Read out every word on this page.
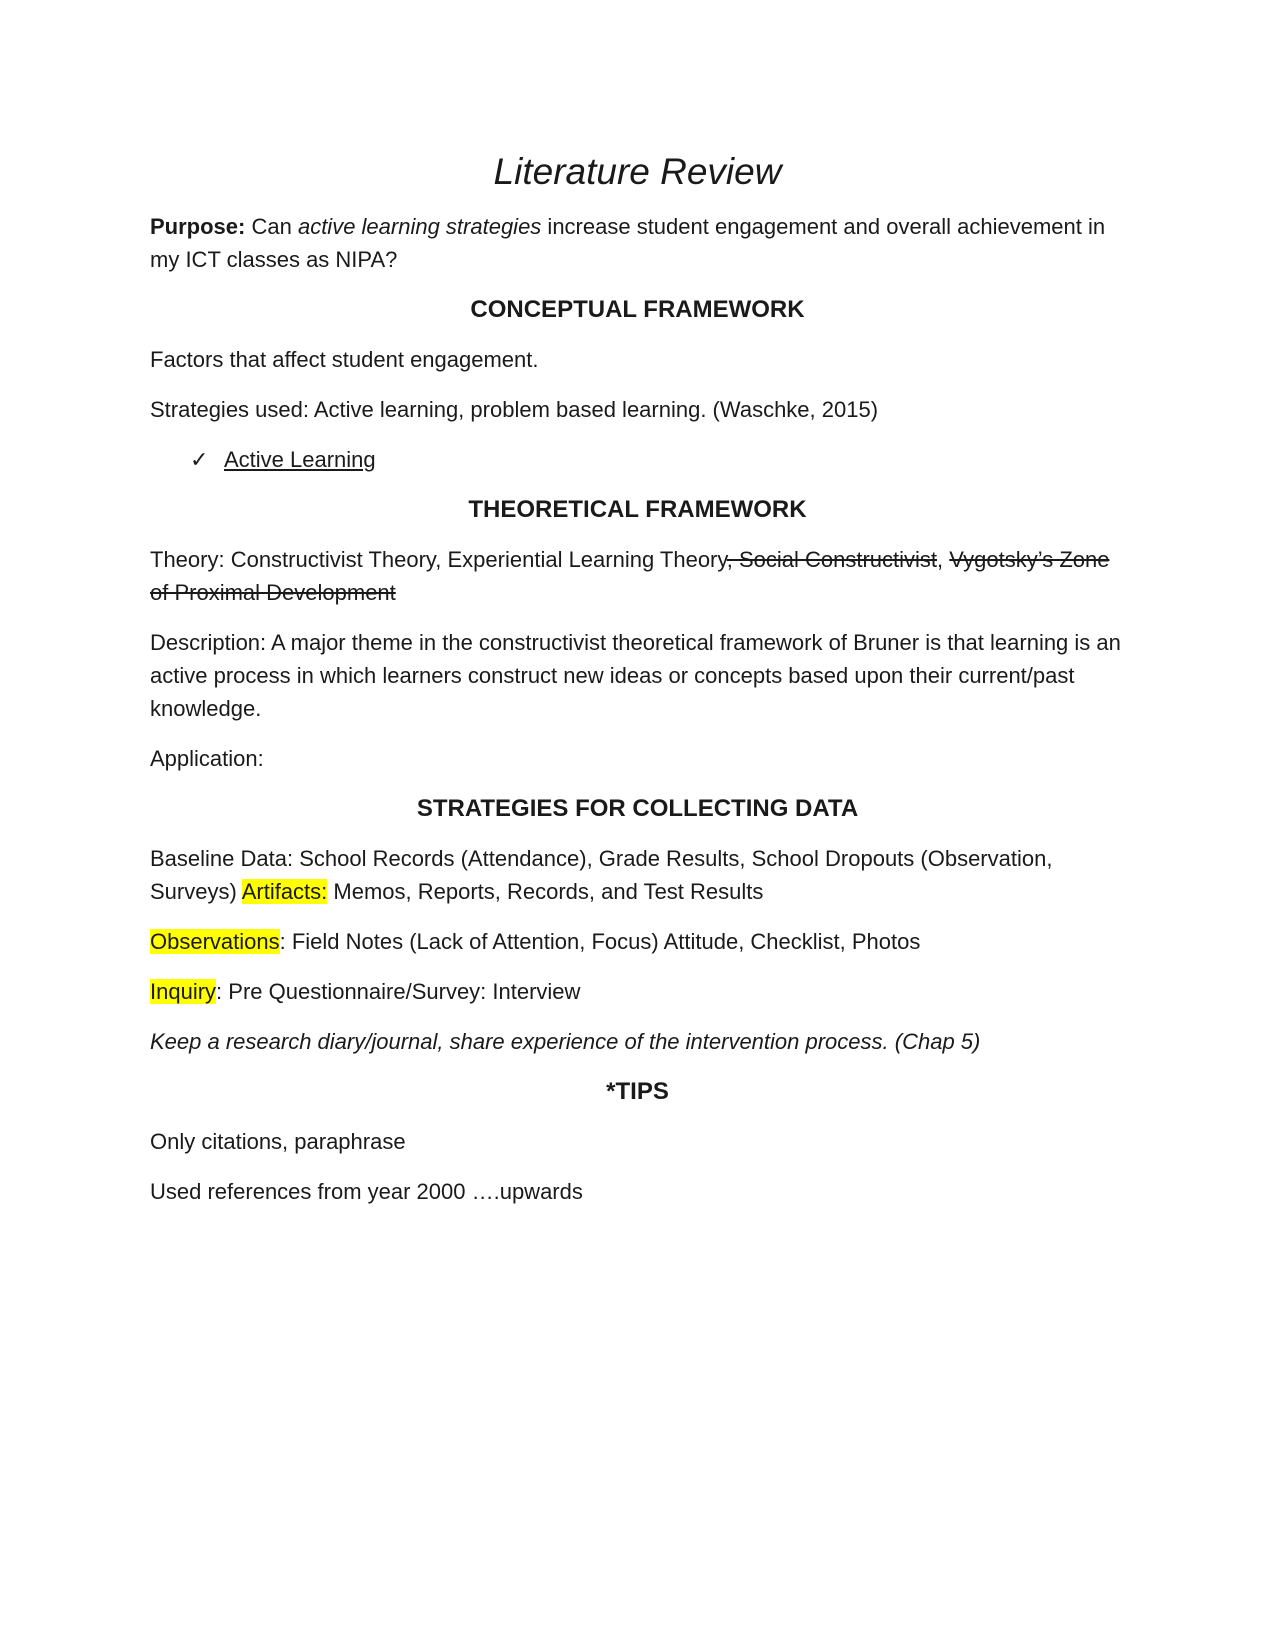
Literature Review

Purpose: Can active learning strategies increase student engagement and overall achievement in my ICT classes as NIPA?

CONCEPTUAL FRAMEWORK

Factors that affect student engagement.

Strategies used: Active learning, problem based learning. (Waschke, 2015)

✓ Active Learning
THEORETICAL FRAMEWORK

Theory: Constructivist Theory, Experiential Learning Theory, Social Constructivist, Vygotsky’s Zone of Proximal Development

Description: A major theme in the constructivist theoretical framework of Bruner is that learning is an active process in which learners construct new ideas or concepts based upon their current/past knowledge.

Application:

STRATEGIES FOR COLLECTING DATA

Baseline Data: School Records (Attendance), Grade Results, School Dropouts (Observation, Surveys) Artifacts: Memos, Reports, Records, and Test Results

Observations: Field Notes (Lack of Attention, Focus) Attitude, Checklist, Photos

Inquiry: Pre Questionnaire/Survey: Interview

Keep a research diary/journal, share experience of the intervention process. (Chap 5)

*TIPS

Only citations, paraphrase

Used references from year 2000 ….upwards
